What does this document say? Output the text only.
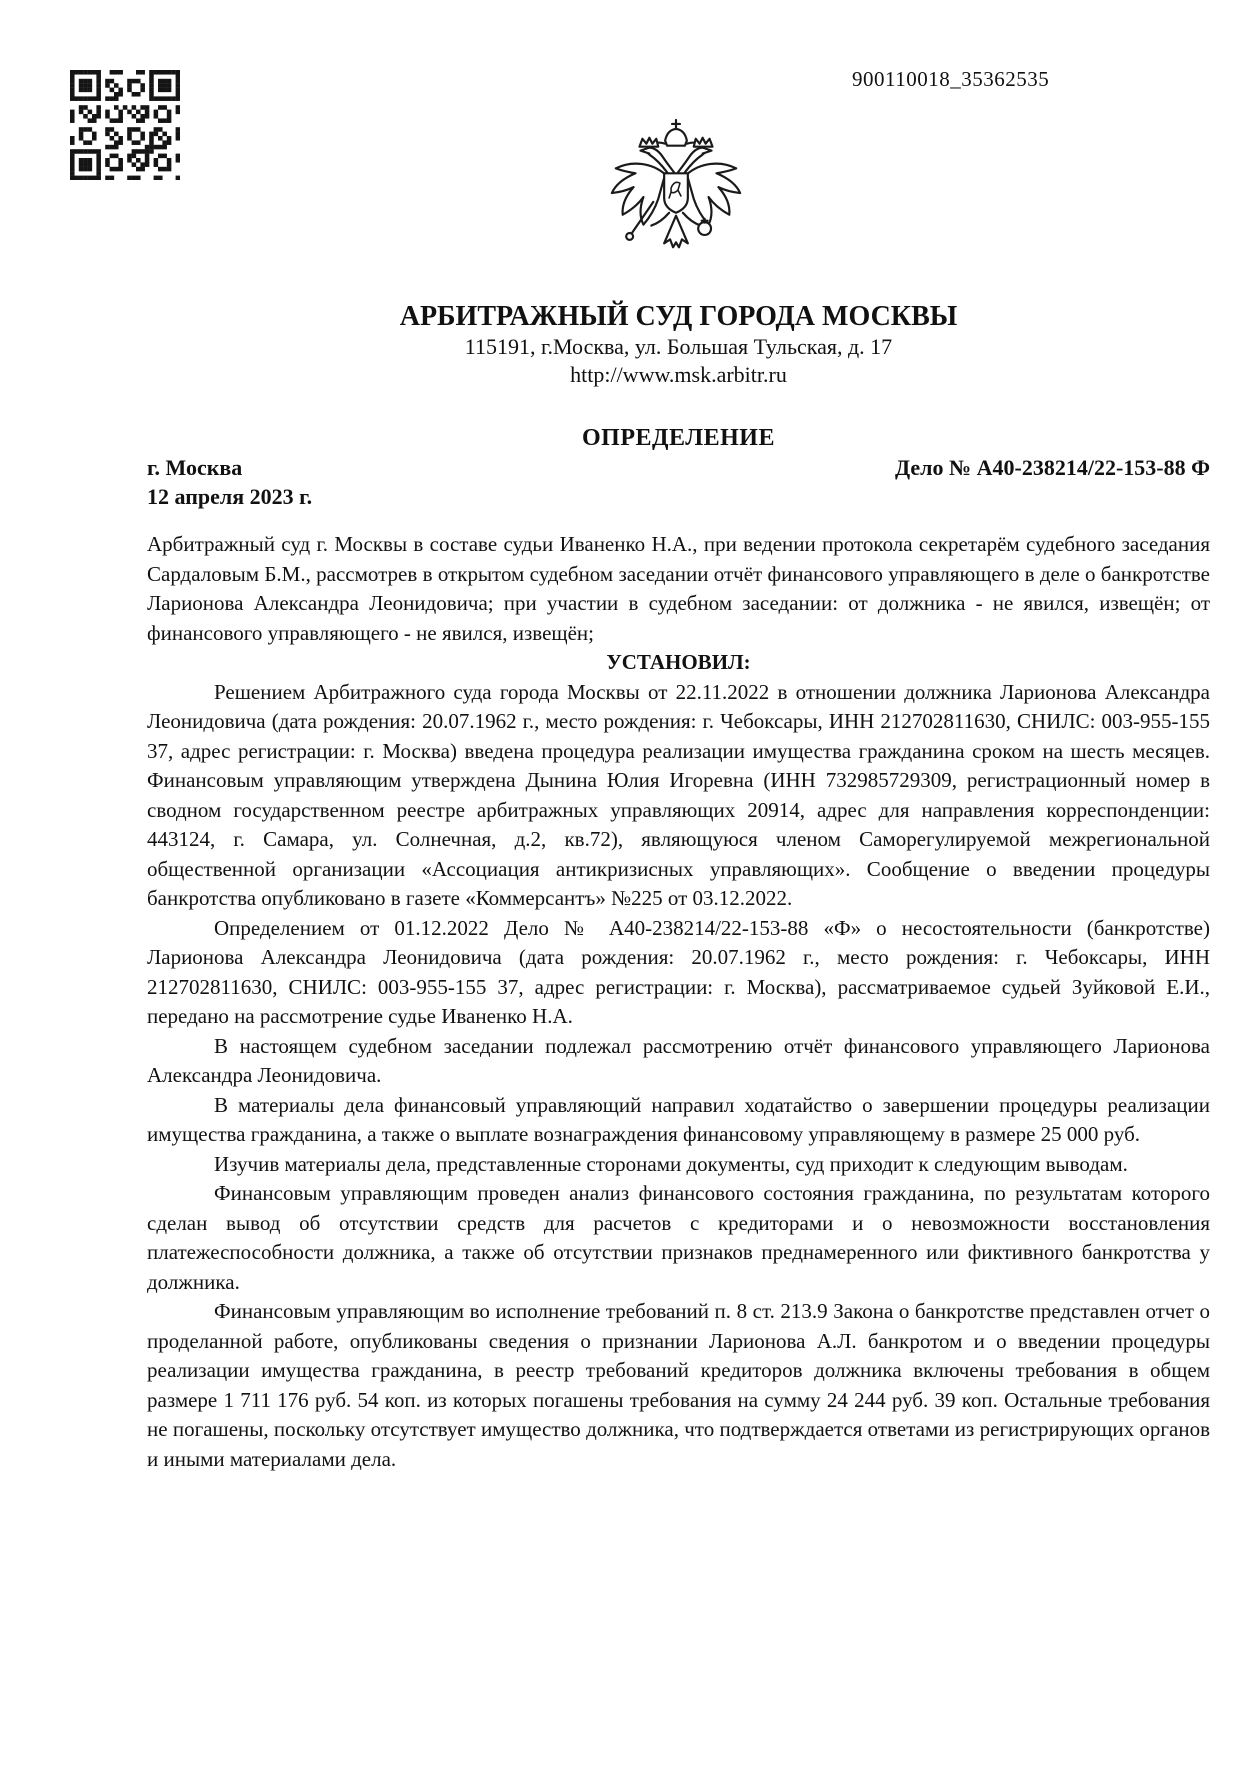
900110018_35362535
АРБИТРАЖНЫЙ СУД ГОРОДА МОСКВЫ
115191, г.Москва, ул. Большая Тульская, д. 17
http://www.msk.arbitr.ru
ОПРЕДЕЛЕНИЕ
г. Москва	Дело № А40-238214/22-153-88 Ф
12 апреля 2023 г.

Арбитражный суд г. Москвы в составе судьи Иваненко Н.А., при ведении протокола секретарём судебного заседания Сардаловым Б.М., рассмотрев в открытом судебном заседании отчёт финансового управляющего в деле о банкротстве Ларионова Александра Леонидовича; при участии в судебном заседании: от должника - не явился, извещён; от финансового управляющего - не явился, извещён;

УСТАНОВИЛ:

Решением Арбитражного суда города Москвы от 22.11.2022 в отношении должника Ларионова Александра Леонидовича (дата рождения: 20.07.1962 г., место рождения: г. Чебоксары, ИНН 212702811630, СНИЛС: 003-955-155 37, адрес регистрации: г. Москва) введена процедура реализации имущества гражданина сроком на шесть месяцев. Финансовым управляющим утверждена Дынина Юлия Игоревна (ИНН 732985729309, регистрационный номер в сводном государственном реестре арбитражных управляющих 20914, адрес для направления корреспонденции: 443124, г. Самара, ул. Солнечная, д.2, кв.72), являющуюся членом Саморегулируемой межрегиональной общественной организации «Ассоциация антикризисных управляющих». Сообщение о введении процедуры банкротства опубликовано в газете «Коммерсантъ» №225 от 03.12.2022.

Определением от 01.12.2022 Дело № А40-238214/22-153-88 «Ф» о несостоятельности (банкротстве) Ларионова Александра Леонидовича (дата рождения: 20.07.1962 г., место рождения: г. Чебоксары, ИНН 212702811630, СНИЛС: 003-955-155 37, адрес регистрации: г. Москва), рассматриваемое судьей Зуйковой Е.И., передано на рассмотрение судье Иваненко Н.А.

В настоящем судебном заседании подлежал рассмотрению отчёт финансового управляющего Ларионова Александра Леонидовича.

В материалы дела финансовый управляющий направил ходатайство о завершении процедуры реализации имущества гражданина, а также о выплате вознаграждения финансовому управляющему в размере 25 000 руб.

Изучив материалы дела, представленные сторонами документы, суд приходит к следующим выводам.

Финансовым управляющим проведен анализ финансового состояния гражданина, по результатам которого сделан вывод об отсутствии средств для расчетов с кредиторами и о невозможности восстановления платежеспособности должника, а также об отсутствии признаков преднамеренного или фиктивного банкротства у должника.

Финансовым управляющим во исполнение требований п. 8 ст. 213.9 Закона о банкротстве представлен отчет о проделанной работе, опубликованы сведения о признании Ларионова А.Л. банкротом и о введении процедуры реализации имущества гражданина, в реестр требований кредиторов должника включены требования в общем размере 1 711 176 руб. 54 коп. из которых погашены требования на сумму 24 244 руб. 39 коп. Остальные требования не погашены, поскольку отсутствует имущество должника, что подтверждается ответами из регистрирующих органов и иными материалами дела.
